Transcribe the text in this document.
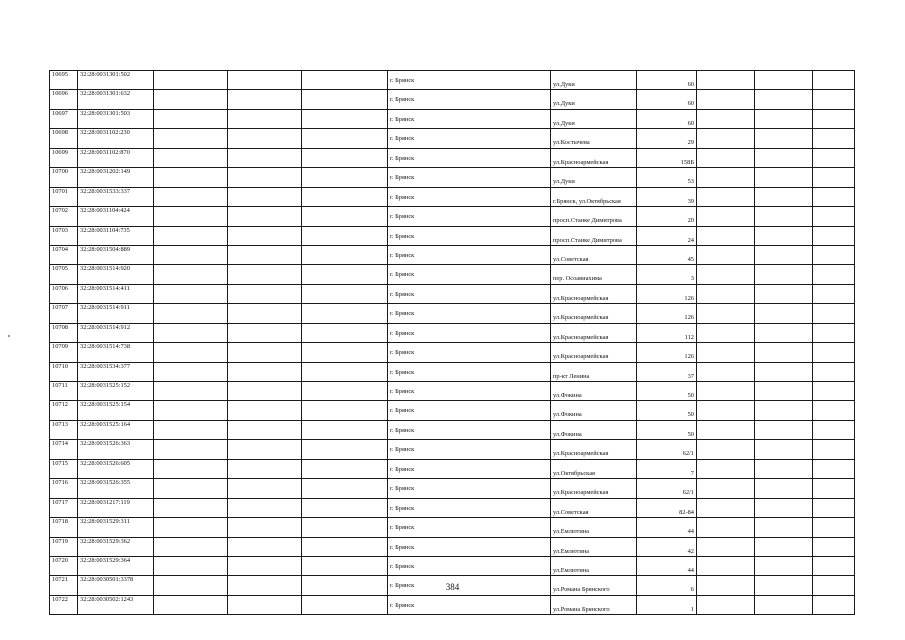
10695	32:28:0031301:502				г. Брянск	ул.Дуки	60			
10696	32:28:0031301:632				г. Брянск	ул.Дуки	60			
10697	32:28:0031301:503				г. Брянск	ул.Дуки	60			
10698	32:28:0031102:230				г. Брянск	ул.Костычева	29			
10699	32:28:0031102:870				г. Брянск	ул.Красноармейская	158Б			
10700	32:28:0031202:149				г. Брянск	ул.Дуки	53			
10701	32:28:0031533:337				г. Брянск	г.Брянск, ул.Октябрьская	39			
10702	32:28:0031104:424				г. Брянск	просп.Станке Димитрова	20			
10703	32:28:0031104:735				г. Брянск	просп.Станке Димитрова	24			
10704	32:28:0031504:889				г. Брянск	ул.Советская	45			
10705	32:28:0031514:920				г. Брянск	пер. Осоавиахима	3			
10706	32:28:0031514:411				г. Брянск	ул.Красноармейская	126			
10707	32:28:0031514:911				г. Брянск	ул.Красноармейская	126			
10708	32:28:0031514:912				г. Брянск	ул.Красноармейская	112			
10709	32:28:0031514:738				г. Брянск	ул.Красноармейская	126			
10710	32:28:0031534:377				г. Брянск	пр-кт Ленина	37			
10711	32:28:0031525:152				г. Брянск	ул.Фокина	50			
10712	32:28:0031525:154				г. Брянск	ул.Фокина	50			
10713	32:28:0031525:164				г. Брянск	ул.Фокина	50			
10714	32:28:0031526:363				г. Брянск	ул.Красноармейская	62/1			
10715	32:28:0031526:605				г. Брянск	ул.Октябрьская	7			
10716	32:28:0031526:355				г. Брянск	ул.Красноармейская	62/1			
10717	32:28:0031217:119				г. Брянск	ул.Советская	82-84			
10718	32:28:0031529:311				г. Брянск	ул.Емлютина	44			
10719	32:28:0031529:362				г. Брянск	ул.Емлютина	42			
10720	32:28:0031529:364				г. Брянск	ул.Емлютина	44			
10721	32:28:0030501:3378				г. Брянск	ул.Романа Брянского	6			
10722	32:28:0030502:1243				г. Брянск	ул.Романа Брянского	1			
384
